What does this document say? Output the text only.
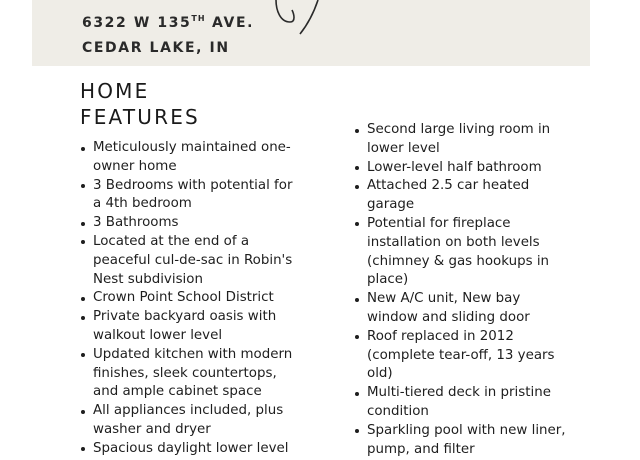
6322 W 135TH AVE.

CEDAR LAKE, IN

HOME
FEATURES
Meticulously maintained one-owner home
3 Bedrooms with potential for a 4th bedroom
3 Bathrooms
Located at the end of a peaceful cul-de-sac in Robin's Nest subdivision
Crown Point School District
Private backyard oasis with walkout lower level
Updated kitchen with modern finishes, sleek countertops, and ample cabinet space
All appliances included, plus washer and dryer
Spacious daylight lower level
Second large living room in lower level
Lower-level half bathroom
Attached 2.5 car heated garage
Potential for fireplace installation on both levels (chimney & gas hookups in place)
New A/C unit, New bay window and sliding door
Roof replaced in 2012 (complete tear-off, 13 years old)
Multi-tiered deck in pristine condition
Sparkling pool with new liner, pump, and filter
